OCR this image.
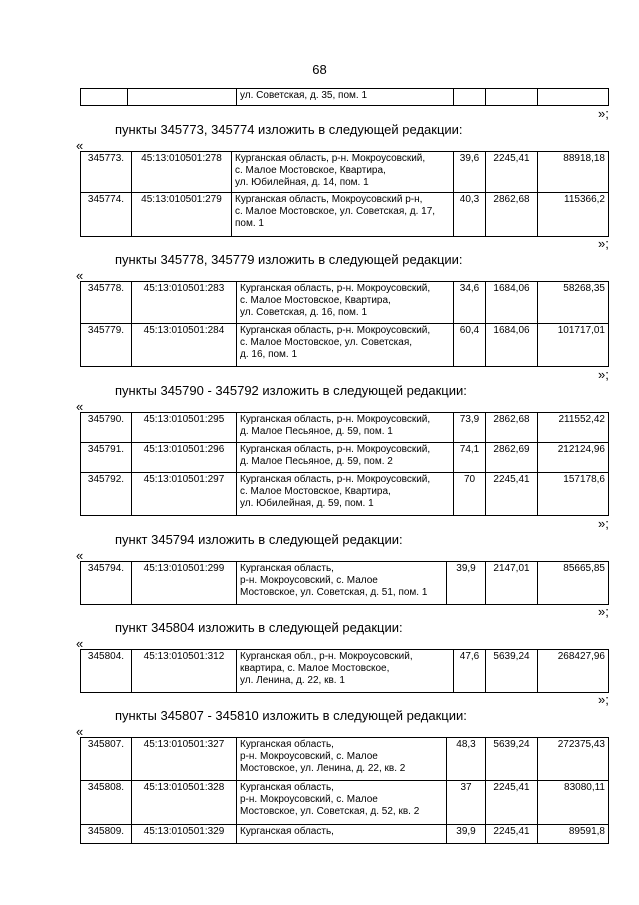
68
		ул. Советская, д. 35, пом. 1			
»;
пункты 345773, 345774 изложить в следующей редакции:
«
345773.	45:13:010501:278	Курганская область, р-н. Мокроусовский,
с. Малое Мостовское, Квартира,
ул. Юбилейная, д. 14, пом. 1	39,6	2245,41	88918,18
345774.	45:13:010501:279	Курганская область, Мокроусовский р-н,
с. Малое Мостовское, ул. Советская, д. 17,
пом. 1	40,3	2862,68	115366,2
»;
пункты 345778, 345779 изложить в следующей редакции:
«
345778.	45:13:010501:283	Курганская область, р-н. Мокроусовский,
с. Малое Мостовское, Квартира,
ул. Советская, д. 16, пом. 1	34,6	1684,06	58268,35
345779.	45:13:010501:284	Курганская область, р-н. Мокроусовский,
с. Малое Мостовское, ул. Советская,
д. 16, пом. 1	60,4	1684,06	101717,01
»;
пункты 345790 - 345792 изложить в следующей редакции:
«
345790.	45:13:010501:295	Курганская область, р-н. Мокроусовский,
д. Малое Песьяное, д. 59, пом. 1	73,9	2862,68	211552,42
345791.	45:13:010501:296	Курганская область, р-н. Мокроусовский,
д. Малое Песьяное, д. 59, пом. 2	74,1	2862,69	212124,96
345792.	45:13:010501:297	Курганская область, р-н. Мокроусовский,
с. Малое Мостовское, Квартира,
ул. Юбилейная, д. 59, пом. 1	70	2245,41	157178,6
»;
пункт 345794 изложить в следующей редакции:
«
345794.	45:13:010501:299	Курганская область,
р-н. Мокроусовский, с. Малое
Мостовское, ул. Советская, д. 51, пом. 1
	39,9	2147,01	85665,85
»;
пункт 345804 изложить в следующей редакции:
«
345804.	45:13:010501:312	Курганская обл., р-н. Мокроусовский,
квартира, с. Малое Мостовское,
ул. Ленина, д. 22, кв. 1
	47,6	5639,24	268427,96
»;
пункты 345807 - 345810 изложить в следующей редакции:
«
345807.	45:13:010501:327	Курганская область,
р-н. Мокроусовский, с. Малое
Мостовское, ул. Ленина, д. 22, кв. 2	48,3	5639,24	272375,43
345808.	45:13:010501:328	Курганская область,
р-н. Мокроусовский, с. Малое
Мостовское, ул. Советская, д. 52, кв. 2	37	2245,41	83080,11
345809.	45:13:010501:329	Курганская область,	39,9	2245,41	89591,8
